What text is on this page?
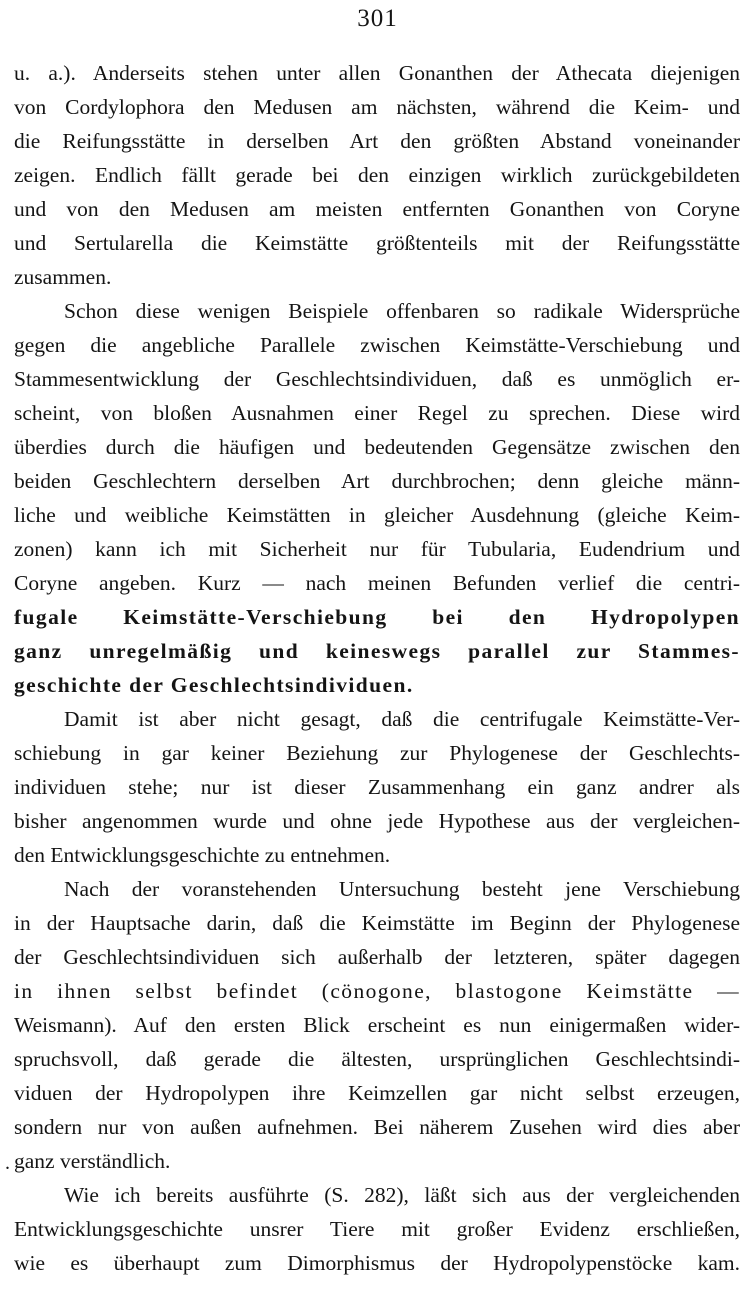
301
u. a.). Anderseits stehen unter allen Gonanthen der Athecata diejenigen
von Cordylophora den Medusen am nächsten, während die Keim- und
die Reifungsstätte in derselben Art den größten Abstand voneinander
zeigen. Endlich fällt gerade bei den einzigen wirklich zurückgebildeten
und von den Medusen am meisten entfernten Gonanthen von Coryne
und Sertularella die Keimstätte größtenteils mit der Reifungsstätte
zusammen.
Schon diese wenigen Beispiele offenbaren so radikale Widersprüche
gegen die angebliche Parallele zwischen Keimstätte-Verschiebung und
Stammesentwicklung der Geschlechtsindividuen, daß es unmöglich er-
scheint, von bloßen Ausnahmen einer Regel zu sprechen. Diese wird
überdies durch die häufigen und bedeutenden Gegensätze zwischen den
beiden Geschlechtern derselben Art durchbrochen; denn gleiche männ-
liche und weibliche Keimstätten in gleicher Ausdehnung (gleiche Keim-
zonen) kann ich mit Sicherheit nur für Tubularia, Eudendrium und
Coryne angeben. Kurz — nach meinen Befunden verlief die centri-
fugale Keimstätte-Verschiebung bei den Hydropolypen
ganz unregelmäßig und keineswegs parallel zur Stammes-
geschichte der Geschlechtsindividuen.
Damit ist aber nicht gesagt, daß die centrifugale Keimstätte-Ver-
schiebung in gar keiner Beziehung zur Phylogenese der Geschlechts-
individuen stehe; nur ist dieser Zusammenhang ein ganz andrer als
bisher angenommen wurde und ohne jede Hypothese aus der vergleichen-
den Entwicklungsgeschichte zu entnehmen.
Nach der voranstehenden Untersuchung besteht jene Verschiebung
in der Hauptsache darin, daß die Keimstätte im Beginn der Phylogenese
der Geschlechtsindividuen sich außerhalb der letzteren, später dagegen
in ihnen selbst befindet (cönogone, blastogone Keimstätte —
Weismann). Auf den ersten Blick erscheint es nun einigermaßen wider-
spruchsvoll, daß gerade die ältesten, ursprünglichen Geschlechtsindi-
viduen der Hydropolypen ihre Keimzellen gar nicht selbst erzeugen,
sondern nur von außen aufnehmen. Bei näherem Zusehen wird dies aber
ganz verständlich.
Wie ich bereits ausführte (S. 282), läßt sich aus der vergleichenden
Entwicklungsgeschichte unsrer Tiere mit großer Evidenz erschließen,
wie es überhaupt zum Dimorphismus der Hydropolypenstöcke kam.
.
